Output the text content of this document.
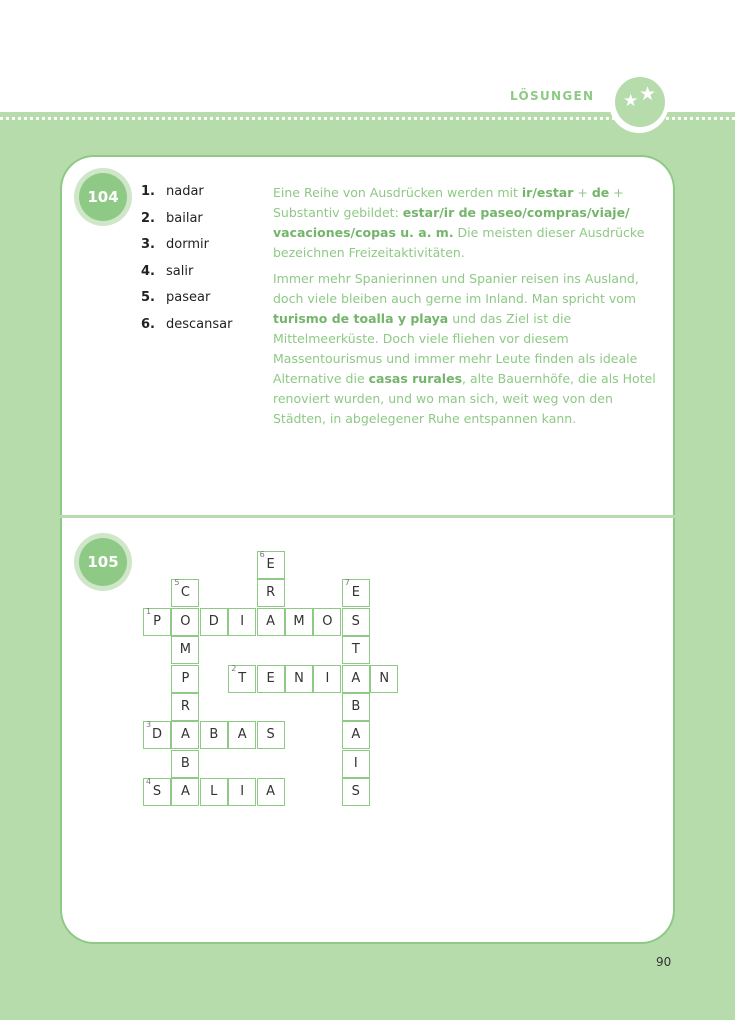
LÖSUNGEN ★ ★
104	1. nadar
2. bailar
3. dormir
4. salir
5. pasear
6. descansar

Eine Reihe von Ausdrücken werden mit ir/estar + de + Substantiv gebildet: estar/ir de paseo/compras/viaje/ vacaciones/copas u. a. m. Die meisten dieser Ausdrücke bezeichnen Freizeitaktivitäten.

Immer mehr Spanierinnen und Spanier reisen ins Ausland, doch viele bleiben auch gerne im Inland. Man spricht vom turismo de toalla y playa und das Ziel ist die Mittelmeerküste. Doch viele fliehen vor diesem Massentourismus und immer mehr Leute finden als ideale Alternative die casas rurales, alte Bauernhöfe, die als Hotel renoviert wurden, und wo man sich, weit weg von den Städten, in abgelegener Ruhe entspannen kann.

105	6
E
5
C	R
7
E
1
P	O	D	I	A	M	O	S
M	T
P
2
T	E	N	I	A	N
R	B
3
D	A	B	A	S	A
B	I
4
S	A	L	I	A	S
90
